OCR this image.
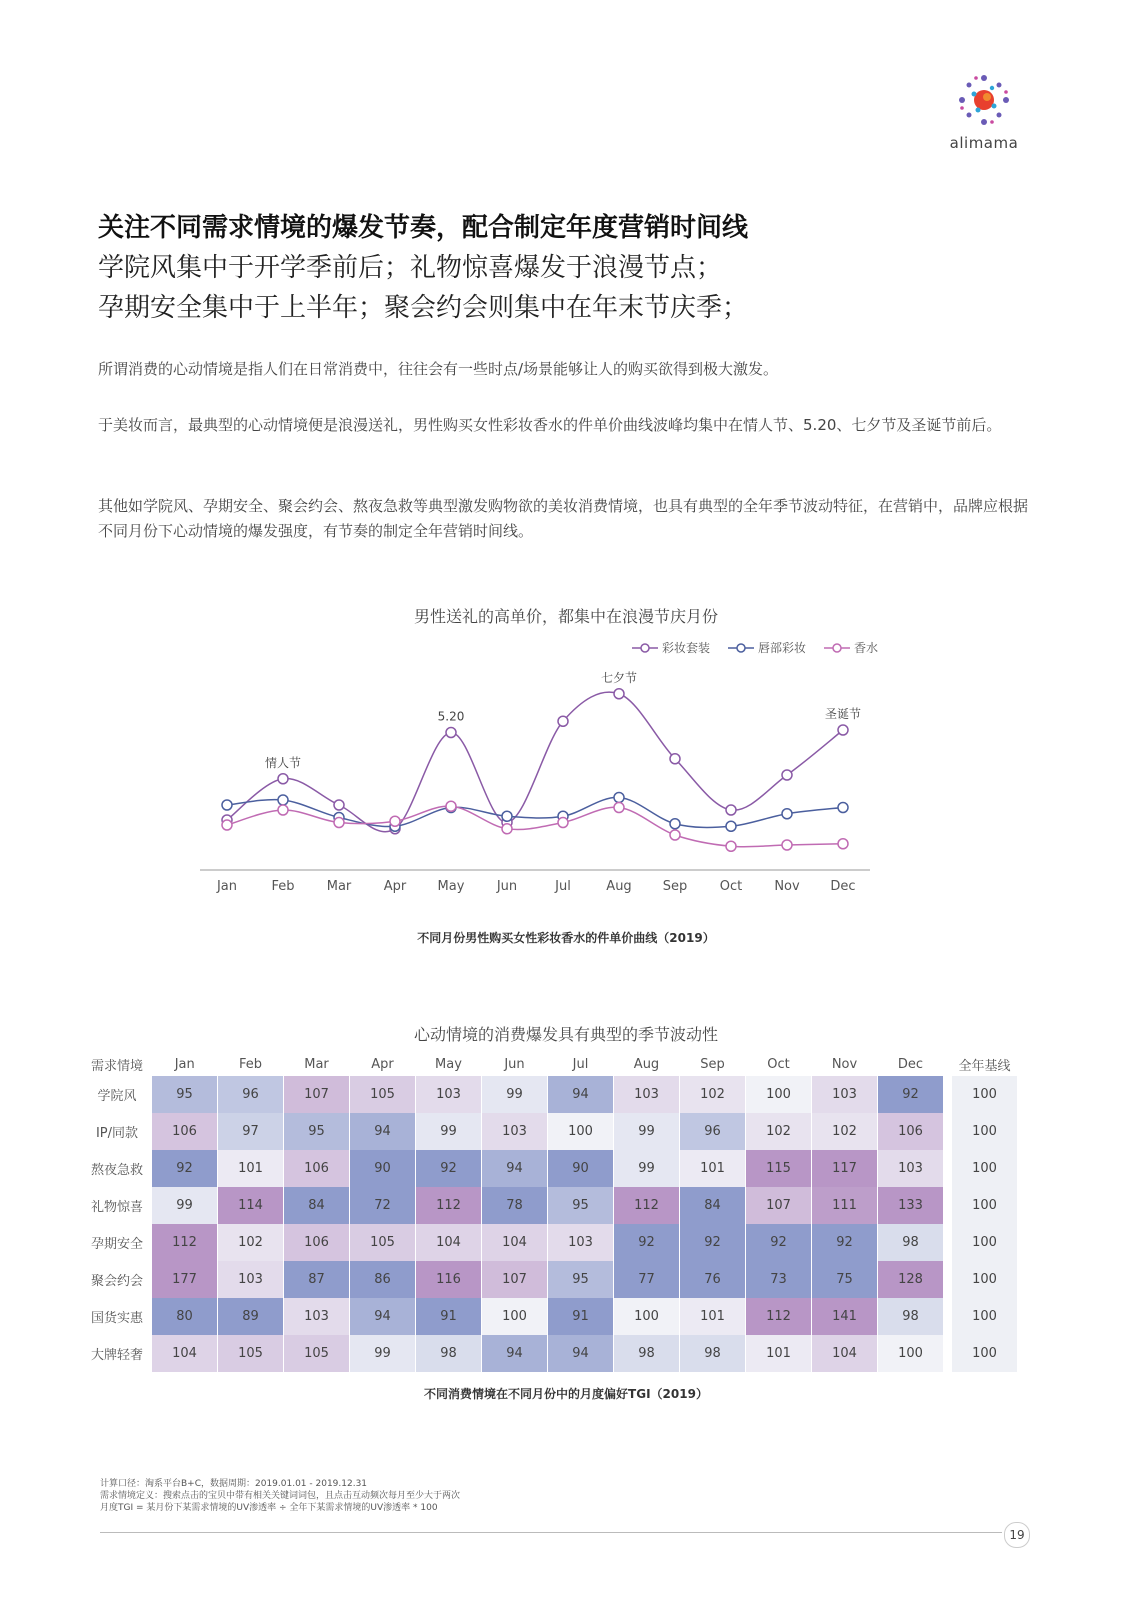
alimama
关注不同需求情境的爆发节奏，配合制定年度营销时间线
学院风集中于开学季前后；礼物惊喜爆发于浪漫节点；
孕期安全集中于上半年；聚会约会则集中在年末节庆季；
所谓消费的心动情境是指人们在日常消费中，往往会有一些时点/场景能够让人的购买欲得到极大激发。
于美妆而言，最典型的心动情境便是浪漫送礼，男性购买女性彩妆香水的件单价曲线波峰均集中在情人节、5.20、七夕节及圣诞节前后。
其他如学院风、孕期安全、聚会约会、熬夜急救等典型激发购物欲的美妆消费情境，也具有典型的全年季节波动特征，在营销中，品牌应根据不同月份下心动情境的爆发强度，有节奏的制定全年营销时间线。
男性送礼的高单价，都集中在浪漫节庆月份
彩妆套装	唇部彩妆	香水
Jan	Feb Mar Apr May Jun	Jul	Aug Sep	Oct Nov Dec
情人节
5.20
七夕节
圣诞节
不同月份男性购买女性彩妆香水的件单价曲线（2019）
心动情境的消费爆发具有典型的季节波动性
需求情境	Jan	Feb	Mar	Apr	May	Jun	Jul	Aug	Sep	Oct	Nov	Dec		全年基线
学院风	95	96	107	105	103	99	94	103	102	100	103	92		100
IP/同款	106	97	95	94	99	103	100	99	96	102	102	106		100
熬夜急救	92	101	106	90	92	94	90	99	101	115	117	103		100
礼物惊喜	99	114	84	72	112	78	95	112	84	107	111	133		100
孕期安全	112	102	106	105	104	104	103	92	92	92	92	98		100
聚会约会	177	103	87	86	116	107	95	77	76	73	75	128		100
国货实惠	80	89	103	94	91	100	91	100	101	112	141	98		100
大牌轻奢	104	105	105	99	98	94	94	98	98	101	104	100		100
不同消费情境在不同月份中的月度偏好TGI（2019）
计算口径：淘系平台B+C，数据周期：2019.01.01 - 2019.12.31
需求情境定义：搜索点击的宝贝中带有相关关键词词包，且点击互动频次每月至少大于两次
月度TGI = 某月份下某需求情境的UV渗透率 ÷ 全年下某需求情境的UV渗透率 * 100
19
